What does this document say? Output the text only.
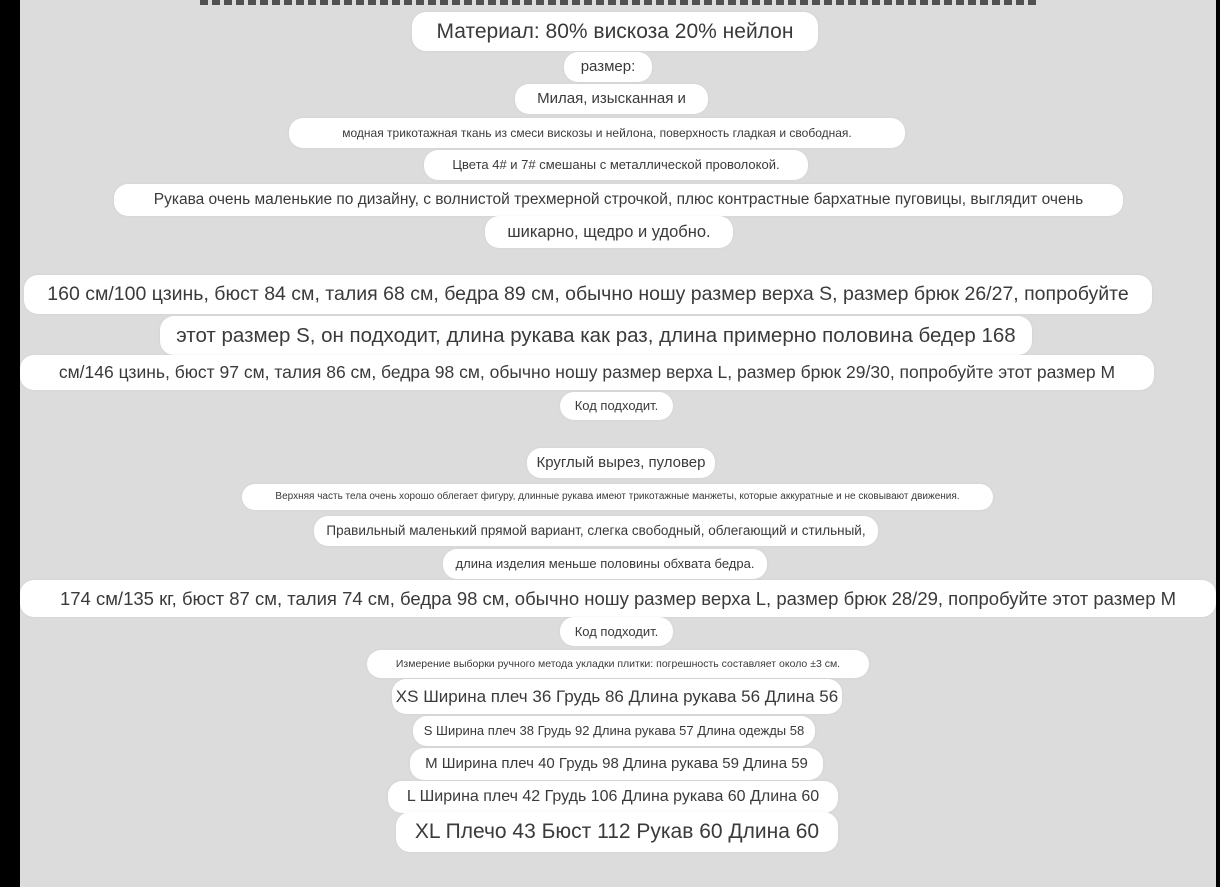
Материал: 80% вискоза 20% нейлон
размер:
Милая, изысканная и
модная трикотажная ткань из смеси вискозы и нейлона, поверхность гладкая и свободная.
Цвета 4# и 7# смешаны с металлической проволокой.
Рукава очень маленькие по дизайну, с волнистой трехмерной строчкой, плюс контрастные бархатные пуговицы, выглядит очень
шикарно, щедро и удобно.
160 см/100 цзинь, бюст 84 см, талия 68 см, бедра 89 см, обычно ношу размер верха S, размер брюк 26/27, попробуйте
этот размер S, он подходит, длина рукава как раз, длина примерно половина бедер 168
см/146 цзинь, бюст 97 см, талия 86 см, бедра 98 см, обычно ношу размер верха L, размер брюк 29/30, попробуйте этот размер M
Код подходит.
Круглый вырез, пуловер
Верхняя часть тела очень хорошо облегает фигуру, длинные рукава имеют трикотажные манжеты, которые аккуратные и не сковывают движения.
Правильный маленький прямой вариант, слегка свободный, облегающий и стильный,
длина изделия меньше половины обхвата бедра.
174 см/135 кг, бюст 87 см, талия 74 см, бедра 98 см, обычно ношу размер верха L, размер брюк 28/29, попробуйте этот размер M
Код подходит.
Измерение выборки ручного метода укладки плитки: погрешность составляет около ±3 см.
XS Ширина плеч 36 Грудь 86 Длина рукава 56 Длина 56
S Ширина плеч 38 Грудь 92 Длина рукава 57 Длина одежды 58
M Ширина плеч 40 Грудь 98 Длина рукава 59 Длина 59
L Ширина плеч 42 Грудь 106 Длина рукава 60 Длина 60
XL Плечо 43 Бюст 112 Рукав 60 Длина 60
